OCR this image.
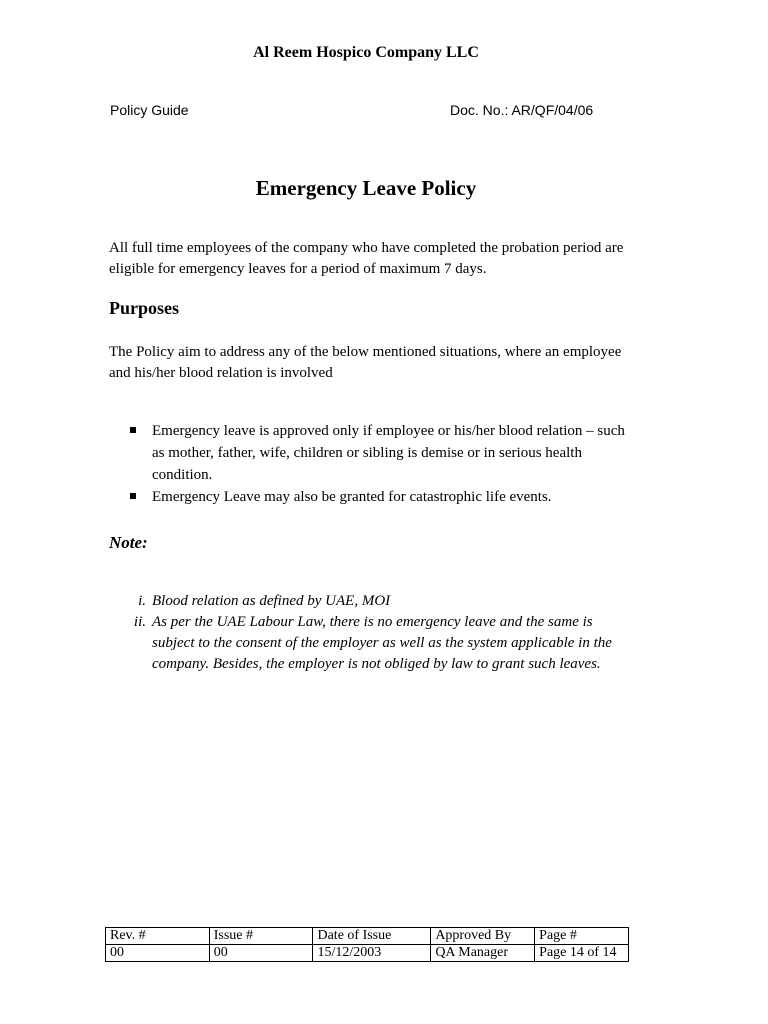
Al Reem Hospico Company LLC
Policy Guide	Doc. No.: AR/QF/04/06
Emergency Leave Policy
All full time employees of the company who have completed the probation period are eligible for emergency leaves for a period of maximum 7 days.
Purposes
The Policy aim to address any of the below mentioned situations, where an employee and his/her blood relation is involved
Emergency leave is approved only if employee or his/her blood relation – such as mother, father, wife, children or sibling is demise or in serious health condition.
Emergency Leave may also be granted for catastrophic life events.
Note:
i. Blood relation as defined by UAE, MOI
ii. As per the UAE Labour Law, there is no emergency leave and the same is subject to the consent of the employer as well as the system applicable in the company. Besides, the employer is not obliged by law to grant such leaves.
Rev. #	Issue #	Date of Issue	Approved By	Page #
00	00	15/12/2003	QA Manager	Page 14 of 14
